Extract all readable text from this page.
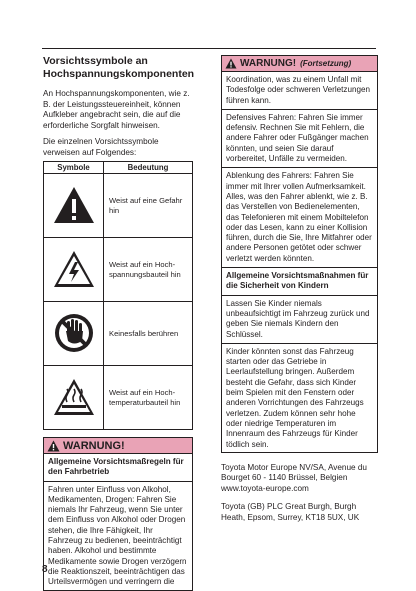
Vorsichtssymbole an
Hochspannungskomponenten

An Hochspannungskomponenten, wie z. B. der Leistungssteuereinheit, können Aufkleber angebracht sein, die auf die erforderliche Sorgfalt hinweisen.

Die einzelnen Vorsichtssymbole verweisen auf Folgendes:

Symbole	Bedeutung
	Weist auf eine Gefahr hin
	Weist auf ein Hoch-spannungsbauteil hin
	Keinesfalls berühren
	Weist auf ein Hoch-temperaturbauteil hin
WARNUNG!

Allgemeine Vorsichtsmaßregeln für den Fahrbetrieb

Fahren unter Einfluss von Alkohol, Medikamenten, Drogen: Fahren Sie niemals Ihr Fahrzeug, wenn Sie unter dem Einfluss von Alkohol oder Drogen stehen, die Ihre Fähigkeit, Ihr Fahrzeug zu bedienen, beeinträchtigt haben. Alkohol und bestimmte Medikamente sowie Drogen verzögern die Reaktionszeit, beeinträchtigen das Urteilsvermögen und verringern die

WARNUNG! (Fortsetzung)

Koordination, was zu einem Unfall mit Todesfolge oder schweren Verletzungen führen kann.

Defensives Fahren: Fahren Sie immer defensiv. Rechnen Sie mit Fehlern, die andere Fahrer oder Fußgänger machen könnten, und seien Sie darauf vorbereitet, Unfälle zu vermeiden.

Ablenkung des Fahrers: Fahren Sie immer mit Ihrer vollen Aufmerksamkeit. Alles, was den Fahrer ablenkt, wie z. B. das Verstellen von Bedienelementen, das Telefonieren mit einem Mobiltelefon oder das Lesen, kann zu einer Kollision führen, durch die Sie, Ihre Mitfahrer oder andere Personen getötet oder schwer verletzt werden könnten.

Allgemeine Vorsichtsmaßnahmen für die Sicherheit von Kindern

Lassen Sie Kinder niemals unbeaufsichtigt im Fahrzeug zurück und geben Sie niemals Kindern den Schlüssel.

Kinder könnten sonst das Fahrzeug starten oder das Getriebe in Leerlaufstellung bringen. Außerdem besteht die Gefahr, dass sich Kinder beim Spielen mit den Fenstern oder anderen Vorrichtungen des Fahrzeugs verletzen. Zudem können sehr hohe oder niedrige Temperaturen im Innenraum des Fahrzeugs für Kinder tödlich sein.

Toyota Motor Europe NV/SA, Avenue du Bourget 60 - 1140 Brüssel, Belgien www.toyota-europe.com

Toyota (GB) PLC Great Burgh, Burgh Heath, Epsom, Surrey, KT18 5UX, UK

8
